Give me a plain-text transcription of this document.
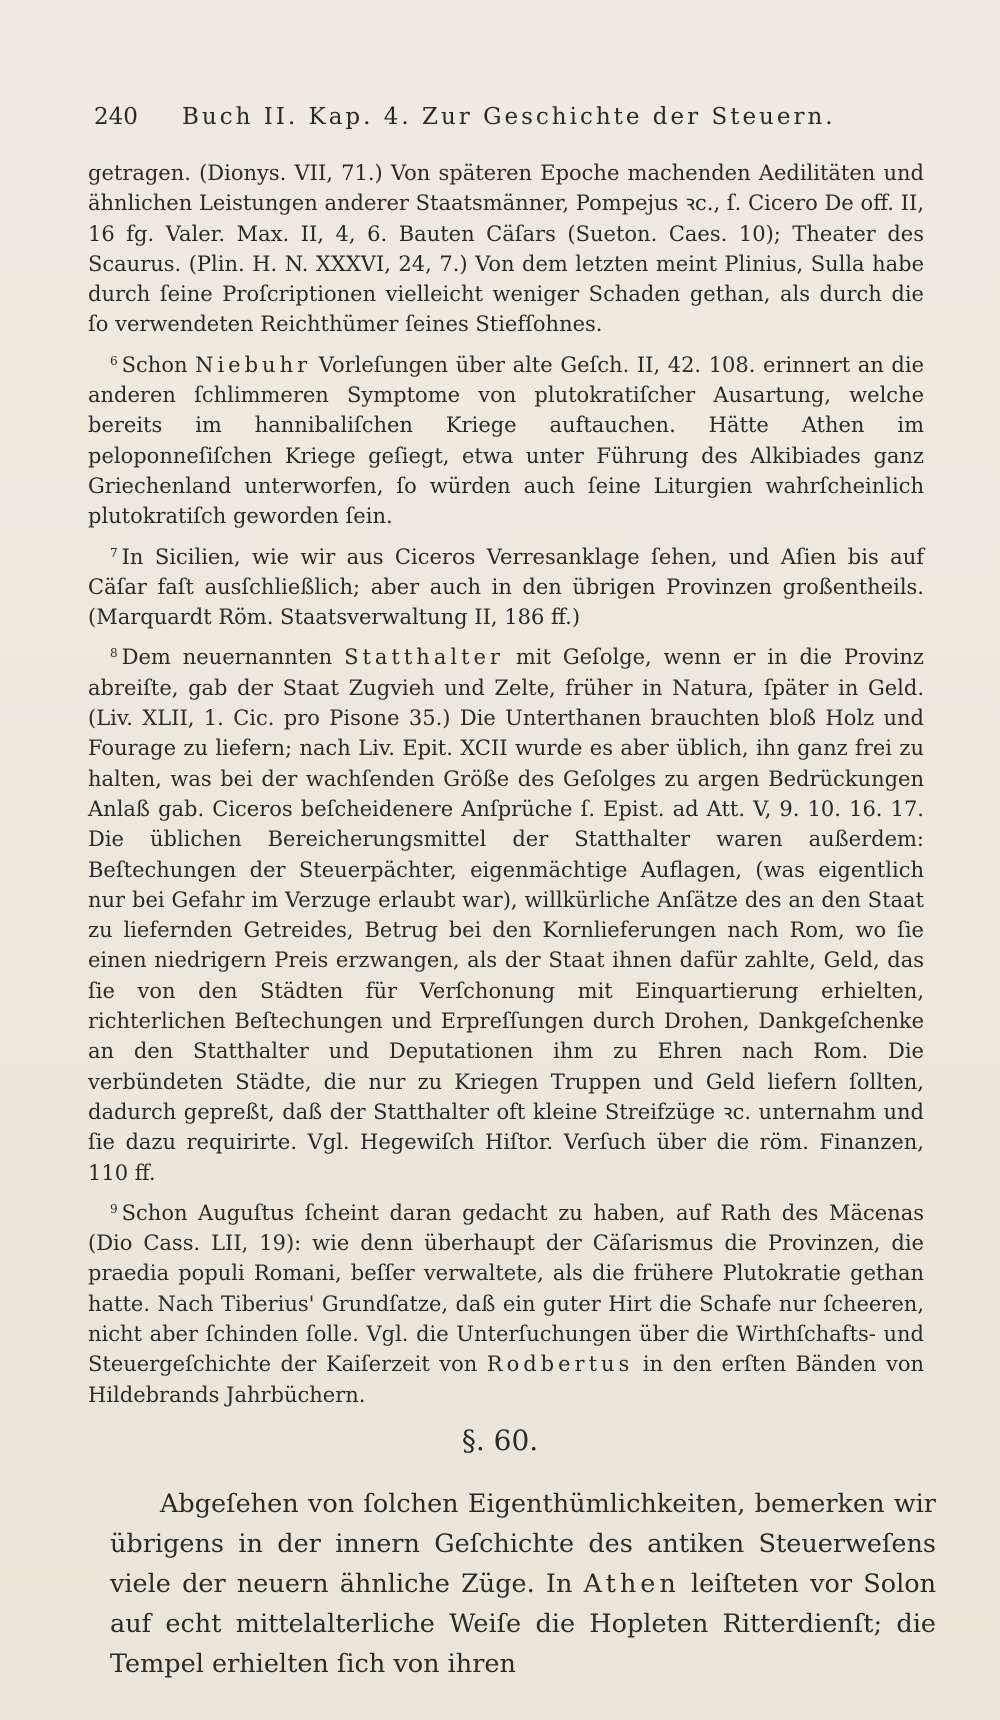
240	Buch II. Kap. 4. Zur Geschichte der Steuern.

getragen. (Dionys. VII, 71.) Von späteren Epoche machenden Aedilitäten und ähnlichen Leistungen anderer Staatsmänner, Pompejus ꝛc., ſ. Cicero De off. II, 16 fg. Valer. Max. II, 4, 6. Bauten Cäſars (Sueton. Caes. 10); Theater des Scaurus. (Plin. H. N. XXXVI, 24, 7.) Von dem letzten meint Plinius, Sulla habe durch ſeine Proſcriptionen vielleicht weniger Schaden gethan, als durch die ſo verwendeten Reichthümer ſeines Stiefſohnes.

$^6$ Schon Niebuhr Vorleſungen über alte Geſch. II, 42. 108. erinnert an die anderen ſchlimmeren Symptome von plutokratiſcher Ausartung, welche bereits im hannibaliſchen Kriege auftauchen. Hätte Athen im peloponneſiſchen Kriege geſiegt, etwa unter Führung des Alkibiades ganz Griechenland unterworfen, ſo würden auch ſeine Liturgien wahrſcheinlich plutokratiſch geworden ſein.

$^7$ In Sicilien, wie wir aus Ciceros Verresanklage ſehen, und Aſien bis auf Cäſar faſt ausſchließlich; aber auch in den übrigen Provinzen großentheils. (Marquardt Röm. Staatsverwaltung II, 186 ff.)

$^8$ Dem neuernannten Statthalter mit Geſolge, wenn er in die Provinz abreiſte, gab der Staat Zugvieh und Zelte, früher in Natura, ſpäter in Geld. (Liv. XLII, 1. Cic. pro Pisone 35.) Die Unterthanen brauchten bloß Holz und Fourage zu liefern; nach Liv. Epit. XCII wurde es aber üblich, ihn ganz frei zu halten, was bei der wachſenden Größe des Geſolges zu argen Bedrückungen Anlaß gab. Ciceros beſcheidenere Anſprüche ſ. Epist. ad Att. V, 9. 10. 16. 17. Die üblichen Bereicherungsmittel der Statthalter waren außerdem: Beſtechungen der Steuerpächter, eigenmächtige Auflagen, (was eigentlich nur bei Gefahr im Verzuge erlaubt war), willkürliche Anſätze des an den Staat zu liefernden Getreides, Betrug bei den Kornlieferungen nach Rom, wo ſie einen niedrigern Preis erzwangen, als der Staat ihnen dafür zahlte, Geld, das ſie von den Städten für Verſchonung mit Einquartierung erhielten, richterlichen Beſtechungen und Erpreſſungen durch Drohen, Dankgeſchenke an den Statthalter und Deputationen ihm zu Ehren nach Rom. Die verbündeten Städte, die nur zu Kriegen Truppen und Geld liefern ſollten, dadurch gepreßt, daß der Statthalter oft kleine Streifzüge ꝛc. unternahm und ſie dazu requirirte. Vgl. Hegewiſch Hiſtor. Verſuch über die röm. Finanzen, 110 ff.

$^9$ Schon Auguſtus ſcheint daran gedacht zu haben, auf Rath des Mäcenas (Dio Cass. LII, 19): wie denn überhaupt der Cäſarismus die Provinzen, die praedia populi Romani, beſſer verwaltete, als die frühere Plutokratie gethan hatte. Nach Tiberius' Grundſatze, daß ein guter Hirt die Schafe nur ſcheeren, nicht aber ſchinden ſolle. Vgl. die Unterſuchungen über die Wirthſchafts- und Steuergeſchichte der Kaiſerzeit von Rodbertus in den erſten Bänden von Hildebrands Jahrbüchern.

§. 60.

Abgeſehen von ſolchen Eigenthümlichkeiten, bemerken wir übrigens in der innern Geſchichte des antiken Steuerweſens viele der neuern ähnliche Züge. In Athen leiſteten vor Solon auf echt mittelalterliche Weiſe die Hopleten Ritterdienſt; die Tempel erhielten ſich von ihren
